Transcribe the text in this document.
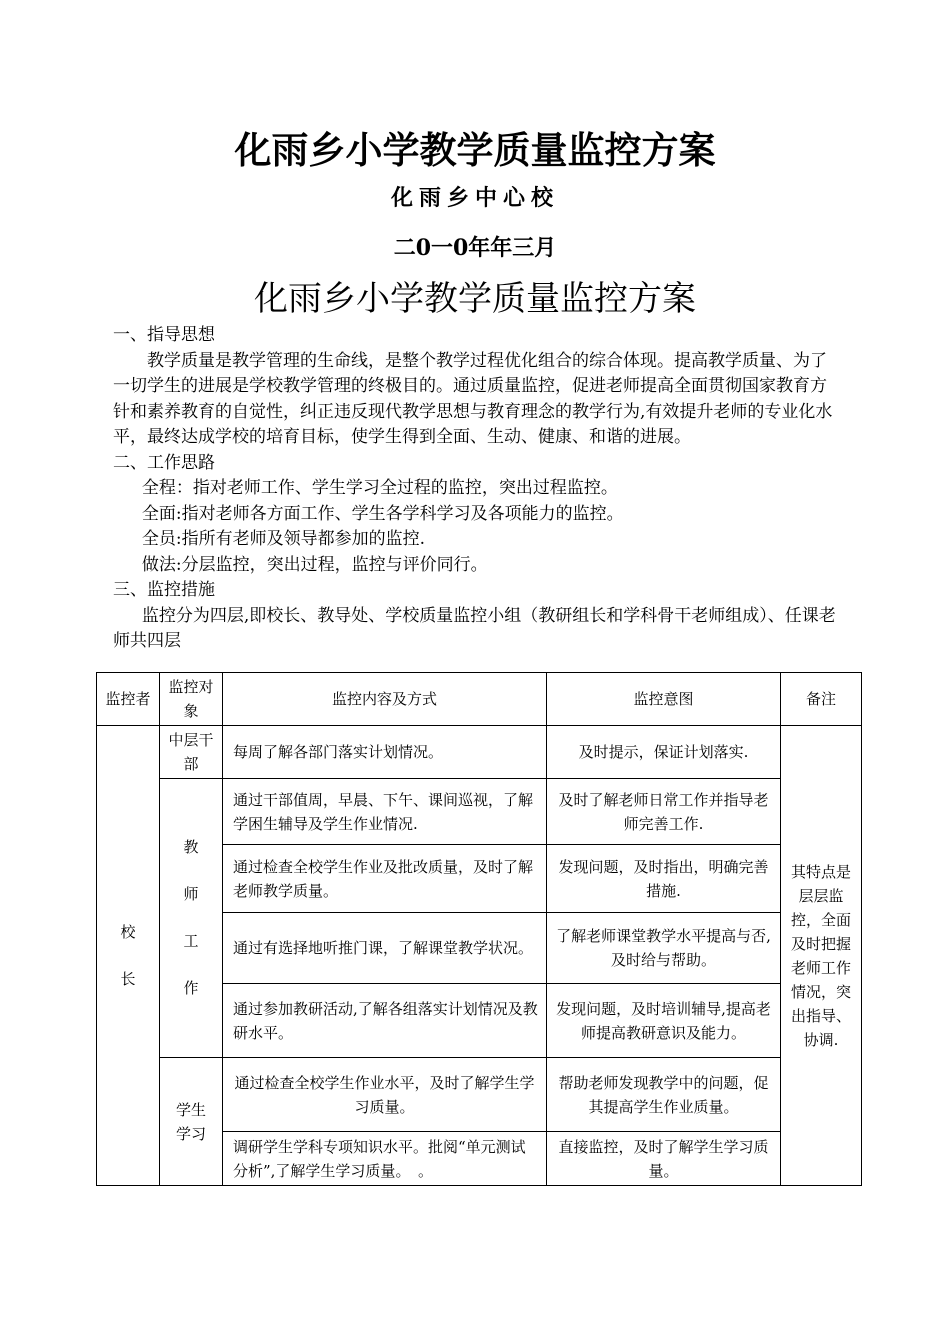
化雨乡小学教学质量监控方案
化雨乡中心校
二0一0年年三月
化雨乡小学教学质量监控方案

一、指导思想

教学质量是教学管理的生命线，是整个教学过程优化组合的综合体现。提高教学质量、为了一切学生的进展是学校教学管理的终极目的。通过质量监控，促进老师提高全面贯彻国家教育方针和素养教育的自觉性，纠正违反现代教学思想与教育理念的教学行为,有效提升老师的专业化水平，最终达成学校的培育目标，使学生得到全面、生动、健康、和谐的进展。

二、工作思路

全程：指对老师工作、学生学习全过程的监控，突出过程监控。

全面:指对老师各方面工作、学生各学科学习及各项能力的监控。

全员:指所有老师及领导都参加的监控.

做法:分层监控，突出过程，监控与评价同行。

三、监控措施

监控分为四层,即校长、教导处、学校质量监控小组（教研组长和学科骨干老师组成）、任课老师共四层

监控者	监控对象	监控内容及方式	监控意图	备注
校长	中层干部	每周了解各部门落实计划情况。	及时提示，保证计划落实.	其特点是层层监控，全面及时把握老师工作情况，突出指导、协调.
	教师工作	通过干部值周，早晨、下午、课间巡视，了解学困生辅导及学生作业情况.	及时了解老师日常工作并指导老师完善工作.	
		通过检查全校学生作业及批改质量，及时了解老师教学质量。	发现问题，及时指出，明确完善措施.	
		通过有选择地听推门课，了解课堂教学状况。	了解老师课堂教学水平提高与否,及时给与帮助。	
		通过参加教研活动,了解各组落实计划情况及教研水平。	发现问题，及时培训辅导,提高老师提高教研意识及能力。	
	学生学习	通过检查全校学生作业水平，及时了解学生学习质量。	帮助老师发现教学中的问题，促其提高学生作业质量。	
		调研学生学科专项知识水平。批阅“单元测试分析”,了解学生学习质量。　。	直接监控，及时了解学生学习质量。	
